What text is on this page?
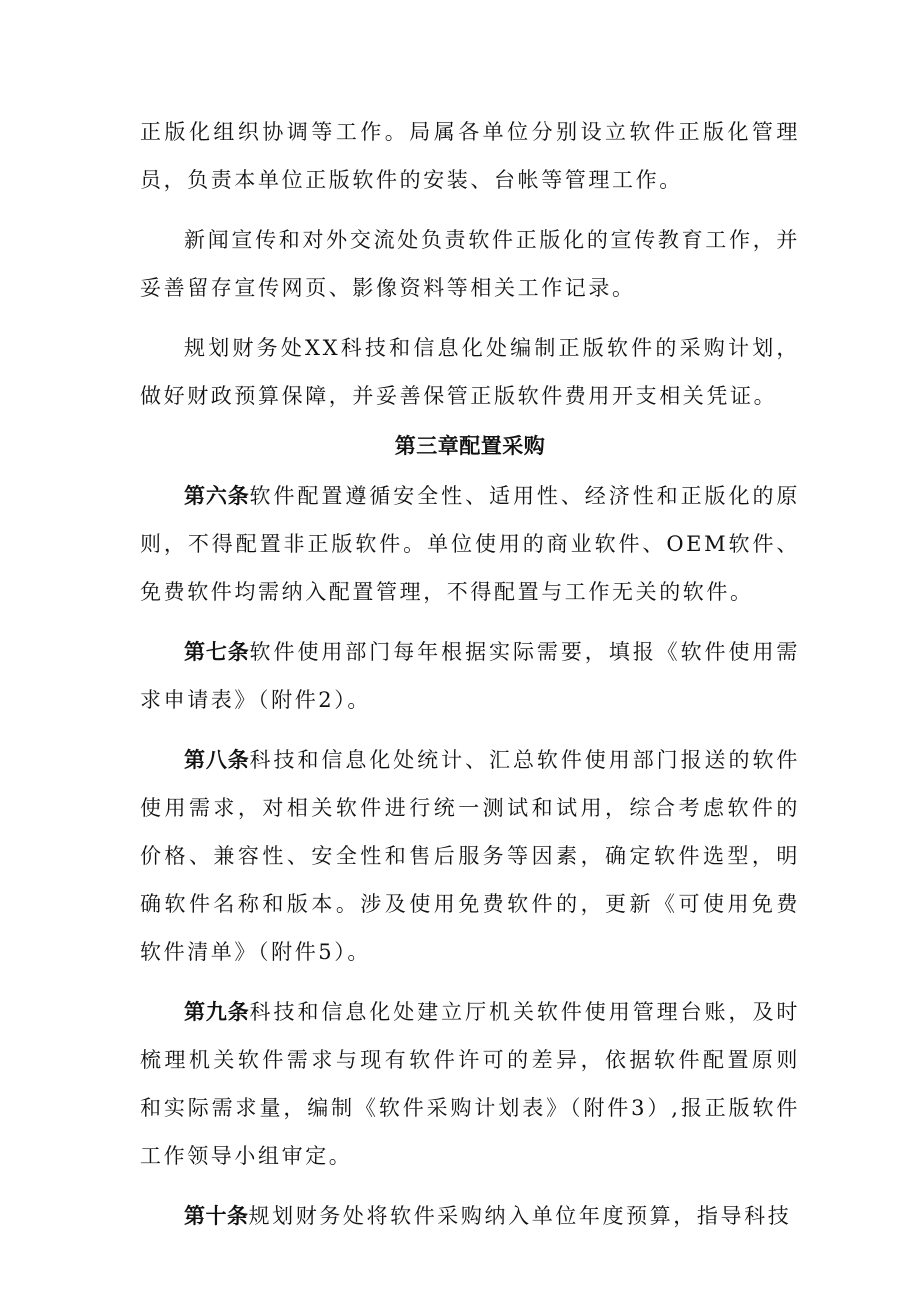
正版化组织协调等工作。局属各单位分别设立软件正版化管理员，负责本单位正版软件的安装、台帐等管理工作。

新闻宣传和对外交流处负责软件正版化的宣传教育工作，并妥善留存宣传网页、影像资料等相关工作记录。

规划财务处XX科技和信息化处编制正版软件的采购计划，做好财政预算保障，并妥善保管正版软件费用开支相关凭证。

第三章配置采购

第六条软件配置遵循安全性、适用性、经济性和正版化的原则，不得配置非正版软件。单位使用的商业软件、OEM软件、免费软件均需纳入配置管理，不得配置与工作无关的软件。

第七条软件使用部门每年根据实际需要，填报《软件使用需求申请表》（附件2）。

第八条科技和信息化处统计、汇总软件使用部门报送的软件使用需求，对相关软件进行统一测试和试用，综合考虑软件的价格、兼容性、安全性和售后服务等因素，确定软件选型，明确软件名称和版本。涉及使用免费软件的，更新《可使用免费软件清单》（附件5）。

第九条科技和信息化处建立厅机关软件使用管理台账，及时梳理机关软件需求与现有软件许可的差异，依据软件配置原则和实际需求量，编制《软件采购计划表》（附件3）,报正版软件工作领导小组审定。

第十条规划财务处将软件采购纳入单位年度预算，指导科技
